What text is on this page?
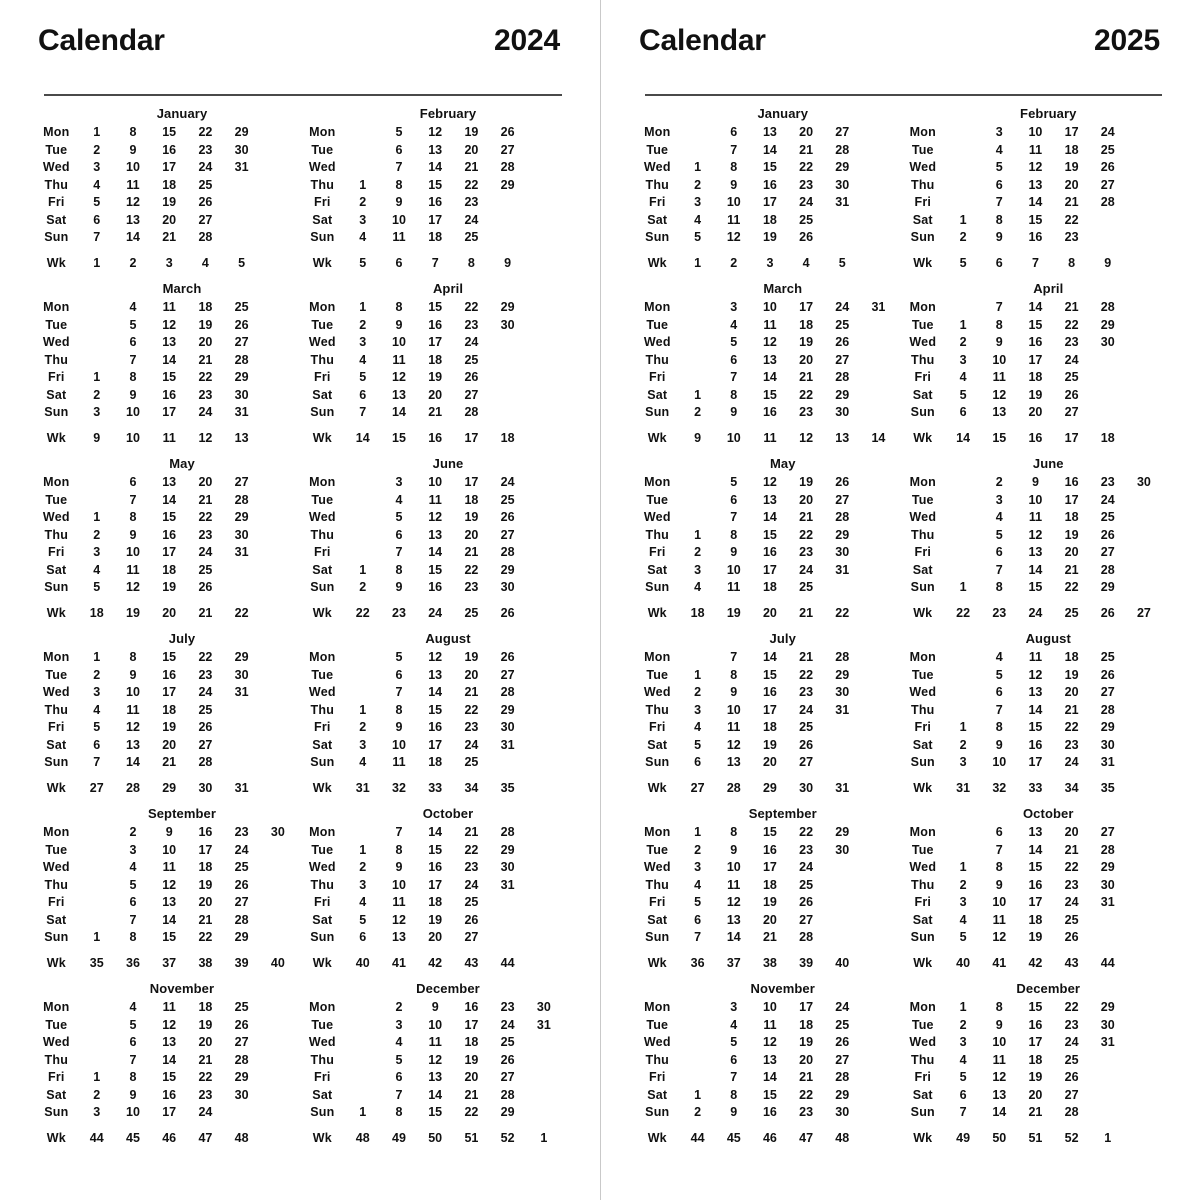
Calendar	2024
January
Mon	1	8	15	22	29	
Tue	2	9	16	23	30	
Wed	3	10	17	24	31	
Thu	4	11	18	25		
Fri	5	12	19	26		
Sat	6	13	20	27		
Sun	7	14	21	28		
Wk	1	2	3	4	5	
February
Mon		5	12	19	26	
Tue		6	13	20	27	
Wed		7	14	21	28	
Thu	1	8	15	22	29	
Fri	2	9	16	23		
Sat	3	10	17	24		
Sun	4	11	18	25		
Wk	5	6	7	8	9	
March
Mon		4	11	18	25	
Tue		5	12	19	26	
Wed		6	13	20	27	
Thu		7	14	21	28	
Fri	1	8	15	22	29	
Sat	2	9	16	23	30	
Sun	3	10	17	24	31	
Wk	9	10	11	12	13	
April
Mon	1	8	15	22	29	
Tue	2	9	16	23	30	
Wed	3	10	17	24		
Thu	4	11	18	25		
Fri	5	12	19	26		
Sat	6	13	20	27		
Sun	7	14	21	28		
Wk	14	15	16	17	18	
May
Mon		6	13	20	27	
Tue		7	14	21	28	
Wed	1	8	15	22	29	
Thu	2	9	16	23	30	
Fri	3	10	17	24	31	
Sat	4	11	18	25		
Sun	5	12	19	26		
Wk	18	19	20	21	22	
June
Mon		3	10	17	24	
Tue		4	11	18	25	
Wed		5	12	19	26	
Thu		6	13	20	27	
Fri		7	14	21	28	
Sat	1	8	15	22	29	
Sun	2	9	16	23	30	
Wk	22	23	24	25	26	
July
Mon	1	8	15	22	29	
Tue	2	9	16	23	30	
Wed	3	10	17	24	31	
Thu	4	11	18	25		
Fri	5	12	19	26		
Sat	6	13	20	27		
Sun	7	14	21	28		
Wk	27	28	29	30	31	
August
Mon		5	12	19	26	
Tue		6	13	20	27	
Wed		7	14	21	28	
Thu	1	8	15	22	29	
Fri	2	9	16	23	30	
Sat	3	10	17	24	31	
Sun	4	11	18	25		
Wk	31	32	33	34	35	
September
Mon		2	9	16	23	30
Tue		3	10	17	24	
Wed		4	11	18	25	
Thu		5	12	19	26	
Fri		6	13	20	27	
Sat		7	14	21	28	
Sun	1	8	15	22	29	
Wk	35	36	37	38	39	40
October
Mon		7	14	21	28	
Tue	1	8	15	22	29	
Wed	2	9	16	23	30	
Thu	3	10	17	24	31	
Fri	4	11	18	25		
Sat	5	12	19	26		
Sun	6	13	20	27		
Wk	40	41	42	43	44	
November
Mon		4	11	18	25	
Tue		5	12	19	26	
Wed		6	13	20	27	
Thu		7	14	21	28	
Fri	1	8	15	22	29	
Sat	2	9	16	23	30	
Sun	3	10	17	24		
Wk	44	45	46	47	48	
December
Mon		2	9	16	23	30
Tue		3	10	17	24	31
Wed		4	11	18	25	
Thu		5	12	19	26	
Fri		6	13	20	27	
Sat		7	14	21	28	
Sun	1	8	15	22	29	
Wk	48	49	50	51	52	1
Calendar	2025
January
Mon		6	13	20	27	
Tue		7	14	21	28	
Wed	1	8	15	22	29	
Thu	2	9	16	23	30	
Fri	3	10	17	24	31	
Sat	4	11	18	25		
Sun	5	12	19	26		
Wk	1	2	3	4	5	
February
Mon		3	10	17	24	
Tue		4	11	18	25	
Wed		5	12	19	26	
Thu		6	13	20	27	
Fri		7	14	21	28	
Sat	1	8	15	22		
Sun	2	9	16	23		
Wk	5	6	7	8	9	
March
Mon		3	10	17	24	31
Tue		4	11	18	25	
Wed		5	12	19	26	
Thu		6	13	20	27	
Fri		7	14	21	28	
Sat	1	8	15	22	29	
Sun	2	9	16	23	30	
Wk	9	10	11	12	13	14
April
Mon		7	14	21	28	
Tue	1	8	15	22	29	
Wed	2	9	16	23	30	
Thu	3	10	17	24		
Fri	4	11	18	25		
Sat	5	12	19	26		
Sun	6	13	20	27		
Wk	14	15	16	17	18	
May
Mon		5	12	19	26	
Tue		6	13	20	27	
Wed		7	14	21	28	
Thu	1	8	15	22	29	
Fri	2	9	16	23	30	
Sat	3	10	17	24	31	
Sun	4	11	18	25		
Wk	18	19	20	21	22	
June
Mon		2	9	16	23	30
Tue		3	10	17	24	
Wed		4	11	18	25	
Thu		5	12	19	26	
Fri		6	13	20	27	
Sat		7	14	21	28	
Sun	1	8	15	22	29	
Wk	22	23	24	25	26	27
July
Mon		7	14	21	28	
Tue	1	8	15	22	29	
Wed	2	9	16	23	30	
Thu	3	10	17	24	31	
Fri	4	11	18	25		
Sat	5	12	19	26		
Sun	6	13	20	27		
Wk	27	28	29	30	31	
August
Mon		4	11	18	25	
Tue		5	12	19	26	
Wed		6	13	20	27	
Thu		7	14	21	28	
Fri	1	8	15	22	29	
Sat	2	9	16	23	30	
Sun	3	10	17	24	31	
Wk	31	32	33	34	35	
September
Mon	1	8	15	22	29	
Tue	2	9	16	23	30	
Wed	3	10	17	24		
Thu	4	11	18	25		
Fri	5	12	19	26		
Sat	6	13	20	27		
Sun	7	14	21	28		
Wk	36	37	38	39	40	
October
Mon		6	13	20	27	
Tue		7	14	21	28	
Wed	1	8	15	22	29	
Thu	2	9	16	23	30	
Fri	3	10	17	24	31	
Sat	4	11	18	25		
Sun	5	12	19	26		
Wk	40	41	42	43	44	
November
Mon		3	10	17	24	
Tue		4	11	18	25	
Wed		5	12	19	26	
Thu		6	13	20	27	
Fri		7	14	21	28	
Sat	1	8	15	22	29	
Sun	2	9	16	23	30	
Wk	44	45	46	47	48	
December
Mon	1	8	15	22	29	
Tue	2	9	16	23	30	
Wed	3	10	17	24	31	
Thu	4	11	18	25		
Fri	5	12	19	26		
Sat	6	13	20	27		
Sun	7	14	21	28		
Wk	49	50	51	52	1	
